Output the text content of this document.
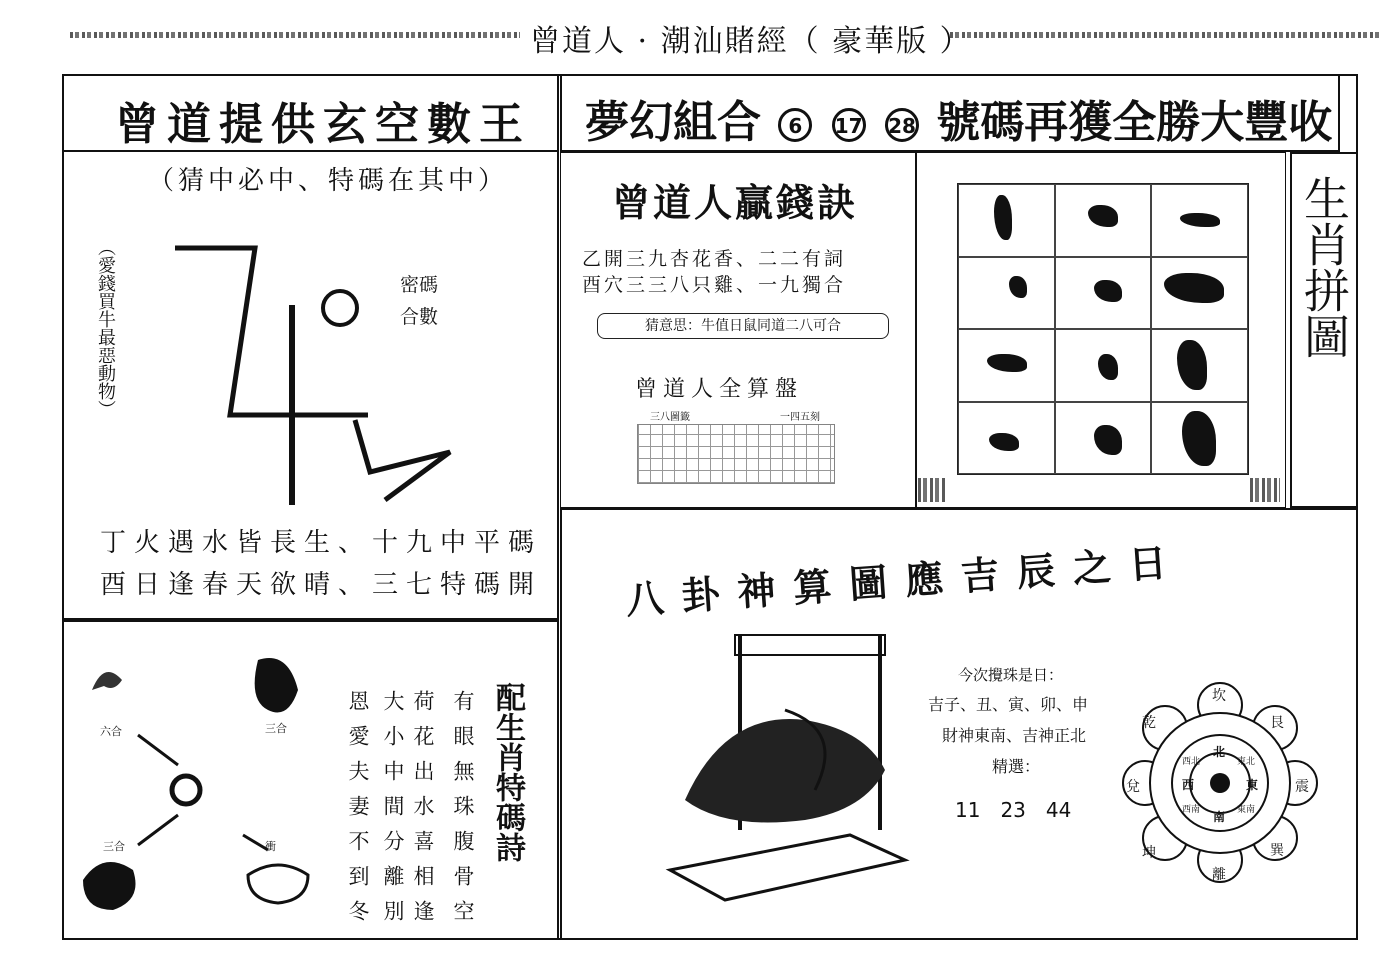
曾道人 · 潮汕賭經（ 豪華版 ）
曾道提供玄空數王 夢幻組合 6 17 28 號碼再獲全勝大豐收
（猜中必中、特碼在其中）
（愛錢買牛最惡動物）	密碼
合數
丁火遇水皆長生、十九中平碼
酉日逢春天欲晴、三七特碼開
曾道人贏錢訣
乙開三九杏花香、二二有詞
酉穴三三八只雞、一九獨合
猜意思：牛值日鼠同道二八可合
曾道人全算盤
三八圖籤	一四五刻
生肖拼圖
六合	三合
三合	衝	配生肖特碼詩
有眼無珠腹骨空
荷花出水喜相逢
大小中間分離別
恩愛夫妻不到冬
八卦神算圖應吉辰之日
今次攪珠是日：
吉子、丑、寅、卯、申
財神東南、吉神正北
精選：
11　23　44
坎
艮
震
巽
離
坤
兌
乾
北
南
東
西
東北
西北
東南
西南
